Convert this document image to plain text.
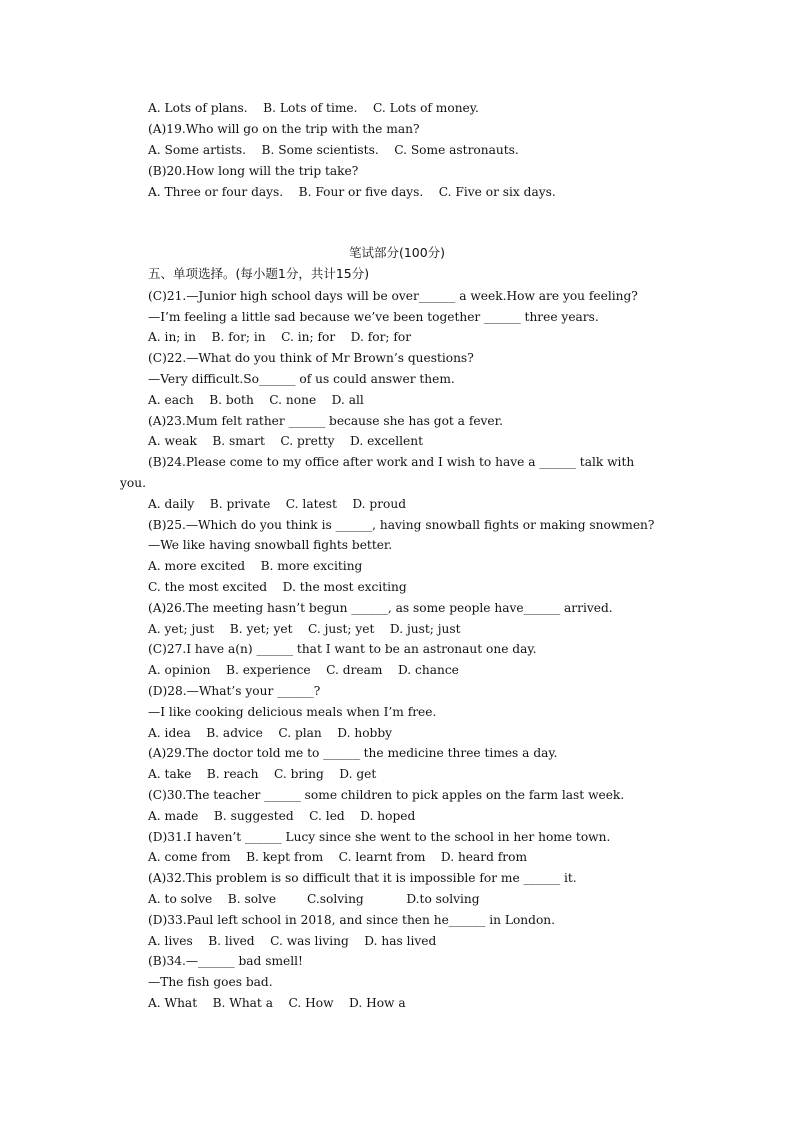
A. Lots of plans.    B. Lots of time.    C. Lots of money.
(A)19.Who will go on the trip with the man?
A. Some artists.    B. Some scientists.    C. Some astronauts.
(B)20.How long will the trip take?
A. Three or four days.    B. Four or five days.    C. Five or six days.
笔试部分(100分)
五、单项选择。(每小题1分，共计15分)
(C)21.—Junior high school days will be over______ a week.How are you feeling?
—I’m feeling a little sad because we’ve been together ______ three years.
A. in; in    B. for; in    C. in; for    D. for; for
(C)22.—What do you think of Mr Brown’s questions?
—Very difficult.So______ of us could answer them.
A. each    B. both    C. none    D. all
(A)23.Mum felt rather ______ because she has got a fever.
A. weak    B. smart    C. pretty    D. excellent
(B)24.Please come to my office after work and I wish to have a ______ talk with
you.
A. daily    B. private    C. latest    D. proud
(B)25.—Which do you think is ______, having snowball fights or making snowmen?
—We like having snowball fights better.
A. more excited    B. more exciting
C. the most excited    D. the most exciting
(A)26.The meeting hasn’t begun ______, as some people have______ arrived.
A. yet; just    B. yet; yet    C. just; yet    D. just; just
(C)27.I have a(n) ______ that I want to be an astronaut one day.
A. opinion    B. experience    C. dream    D. chance
(D)28.—What’s your ______?
—I like cooking delicious meals when I’m free.
A. idea    B. advice    C. plan    D. hobby
(A)29.The doctor told me to ______ the medicine three times a day.
A. take    B. reach    C. bring    D. get
(C)30.The teacher ______ some children to pick apples on the farm last week.
A. made    B. suggested    C. led    D. hoped
(D)31.I haven’t ______ Lucy since she went to the school in her home town.
A. come from    B. kept from    C. learnt from    D. heard from
(A)32.This problem is so difficult that it is impossible for me ______ it.
A. to solve    B. solve        C.solving           D.to solving
(D)33.Paul left school in 2018, and since then he______ in London.
A. lives    B. lived    C. was living    D. has lived
(B)34.—______ bad smell!
—The fish goes bad.
A. What    B. What a    C. How    D. How a
